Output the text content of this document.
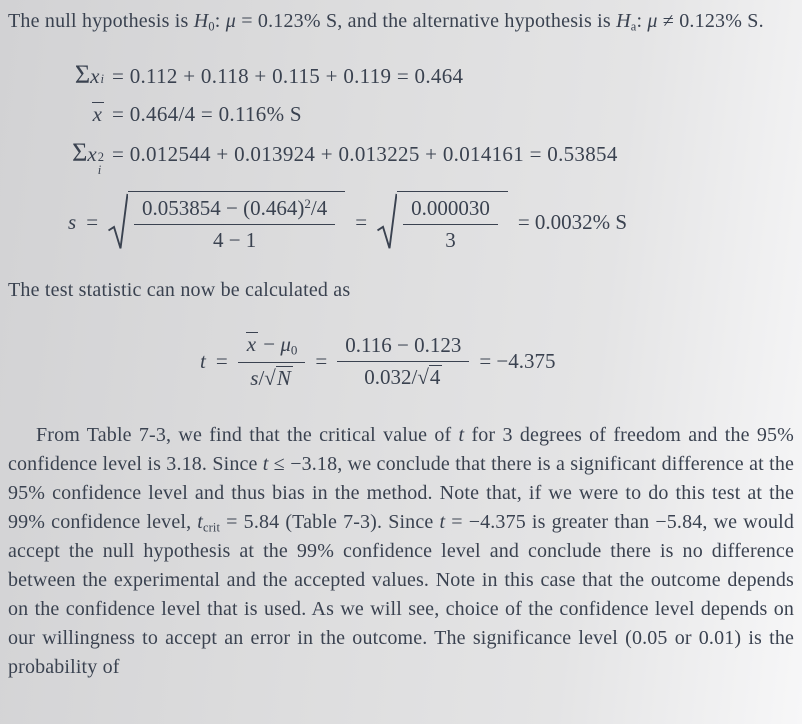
The null hypothesis is H0: μ = 0.123% S, and the alternative hypothesis is Ha: μ ≠ 0.123% S.

Σ x i = 0.112 + 0.118 + 0.115 + 0.119 = 0.464
x = 0.464/4 = 0.116% S
Σ x 2
i
= 0.012544 + 0.013924 + 0.013225 + 0.014161 = 0.53854
$s = \frac{0.053854 - (0.464)^2/4}{4 - 1} = \frac{0.000030}{3} = 0.0032\%$ S

The test statistic can now be calculated as

$t = \frac{x - \mu 0}{s/√N} = \frac{0.116 - 0.123}{0.032/√4} = -4.375$

From Table 7-3, we find that the critical value of t for 3 degrees of freedom and the 95% confidence level is 3.18. Since t ≤ −3.18, we conclude that there is a significant difference at the 95% confidence level and thus bias in the method. Note that, if we were to do this test at the 99% confidence level, tcrit = 5.84 (Table 7-3). Since t = −4.375 is greater than −5.84, we would accept the null hypothesis at the 99% confidence level and conclude there is no difference between the experimental and the accepted values. Note in this case that the outcome depends on the confidence level that is used. As we will see, choice of the confidence level depends on our willingness to accept an error in the outcome. The significance level (0.05 or 0.01) is the probability of
